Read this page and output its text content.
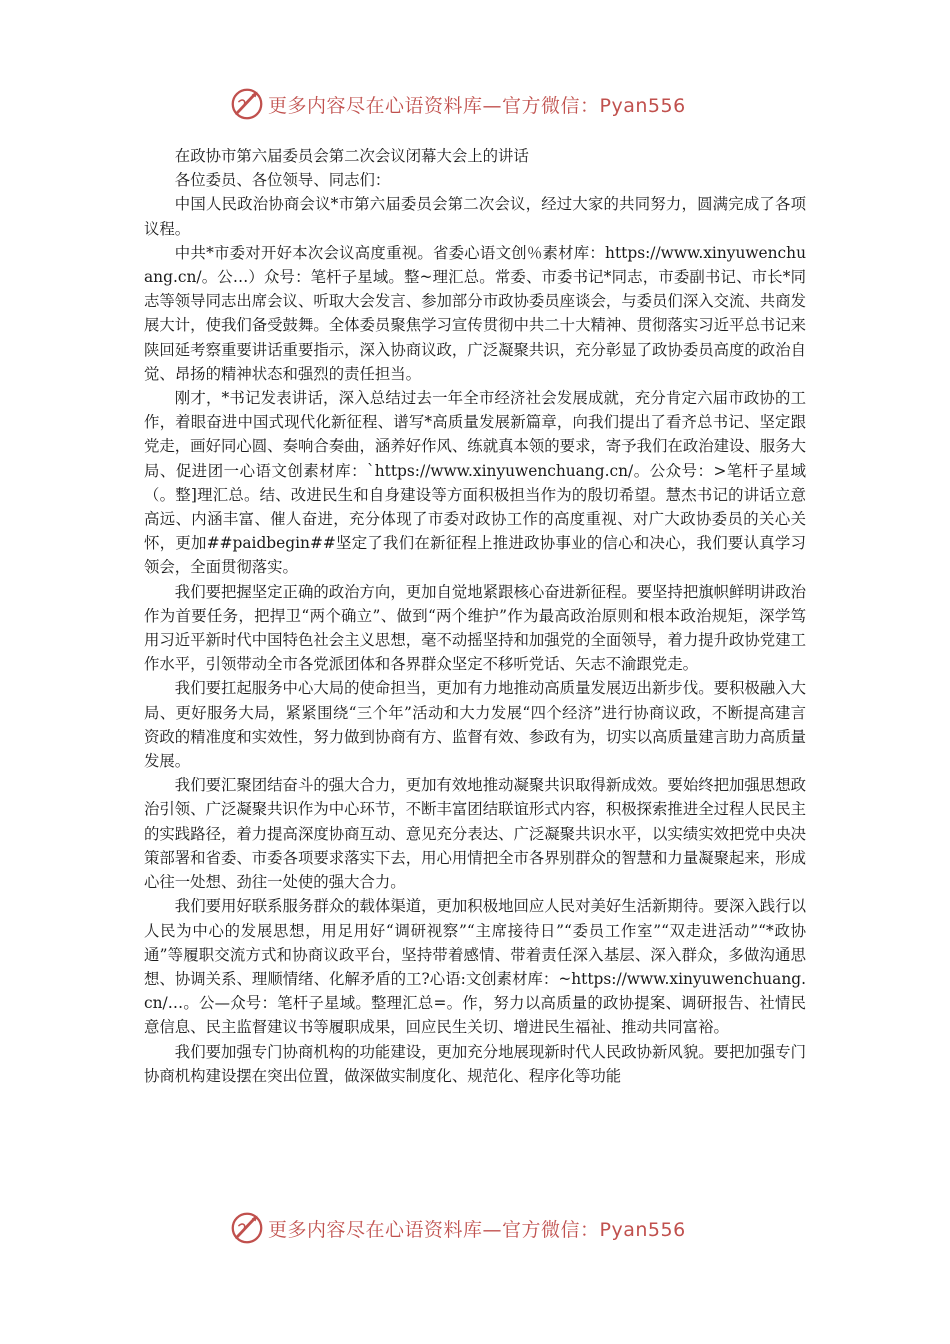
更多内容尽在心语资料库—官方微信：Pyan556

在政协市第六届委员会第二次会议闭幕大会上的讲话

各位委员、各位领导、同志们：

中国人民政治协商会议*市第六届委员会第二次会议，经过大家的共同努力，圆满完成了各项议程。

中共*市委对开好本次会议高度重视。省委心语文创％素材库：https://www.xinyuwenchuang.cn/。公…）众号：笔杆子星域。整~理汇总。常委、市委书记*同志，市委副书记、市长*同志等领导同志出席会议、听取大会发言、参加部分市政协委员座谈会，与委员们深入交流、共商发展大计，使我们备受鼓舞。全体委员聚焦学习宣传贯彻中共二十大精神、贯彻落实习近平总书记来陕回延考察重要讲话重要指示，深入协商议政，广泛凝聚共识，充分彰显了政协委员高度的政治自觉、昂扬的精神状态和强烈的责任担当。

刚才，*书记发表讲话，深入总结过去一年全市经济社会发展成就，充分肯定六届市政协的工作，着眼奋进中国式现代化新征程、谱写*高质量发展新篇章，向我们提出了看齐总书记、坚定跟党走，画好同心圆、奏响合奏曲，涵养好作风、练就真本领的要求，寄予我们在政治建设、服务大局、促进团一心语文创素材库：`https://www.xinyuwenchuang.cn/。公众号：>笔杆子星域（。整]理汇总。结、改进民生和自身建设等方面积极担当作为的殷切希望。慧杰书记的讲话立意高远、内涵丰富、催人奋进，充分体现了市委对政协工作的高度重视、对广大政协委员的关心关怀，更加##paidbegin##坚定了我们在新征程上推进政协事业的信心和决心，我们要认真学习领会，全面贯彻落实。

我们要把握坚定正确的政治方向，更加自觉地紧跟核心奋进新征程。要坚持把旗帜鲜明讲政治作为首要任务，把捍卫“两个确立”、做到“两个维护”作为最高政治原则和根本政治规矩，深学笃用习近平新时代中国特色社会主义思想，毫不动摇坚持和加强党的全面领导，着力提升政协党建工作水平，引领带动全市各党派团体和各界群众坚定不移听党话、矢志不渝跟党走。

我们要扛起服务中心大局的使命担当，更加有力地推动高质量发展迈出新步伐。要积极融入大局、更好服务大局，紧紧围绕“三个年”活动和大力发展“四个经济”进行协商议政，不断提高建言资政的精准度和实效性，努力做到协商有方、监督有效、参政有为，切实以高质量建言助力高质量发展。

我们要汇聚团结奋斗的强大合力，更加有效地推动凝聚共识取得新成效。要始终把加强思想政治引领、广泛凝聚共识作为中心环节，不断丰富团结联谊形式内容，积极探索推进全过程人民民主的实践路径，着力提高深度协商互动、意见充分表达、广泛凝聚共识水平，以实绩实效把党中央决策部署和省委、市委各项要求落实下去，用心用情把全市各界别群众的智慧和力量凝聚起来，形成心往一处想、劲往一处使的强大合力。

我们要用好联系服务群众的载体渠道，更加积极地回应人民对美好生活新期待。要深入践行以人民为中心的发展思想，用足用好“调研视察”“主席接待日”“委员工作室”“双走进活动”“*政协通”等履职交流方式和协商议政平台，坚持带着感情、带着责任深入基层、深入群众，多做沟通思想、协调关系、理顺情绪、化解矛盾的工?心语:文创素材库：~https://www.xinyuwenchuang.cn/…。公—众号：笔杆子星域。整理汇总=。作，努力以高质量的政协提案、调研报告、社情民意信息、民主监督建议书等履职成果，回应民生关切、增进民生福祉、推动共同富裕。

我们要加强专门协商机构的功能建设，更加充分地展现新时代人民政协新风貌。要把加强专门协商机构建设摆在突出位置，做深做实制度化、规范化、程序化等功能

更多内容尽在心语资料库—官方微信：Pyan556
